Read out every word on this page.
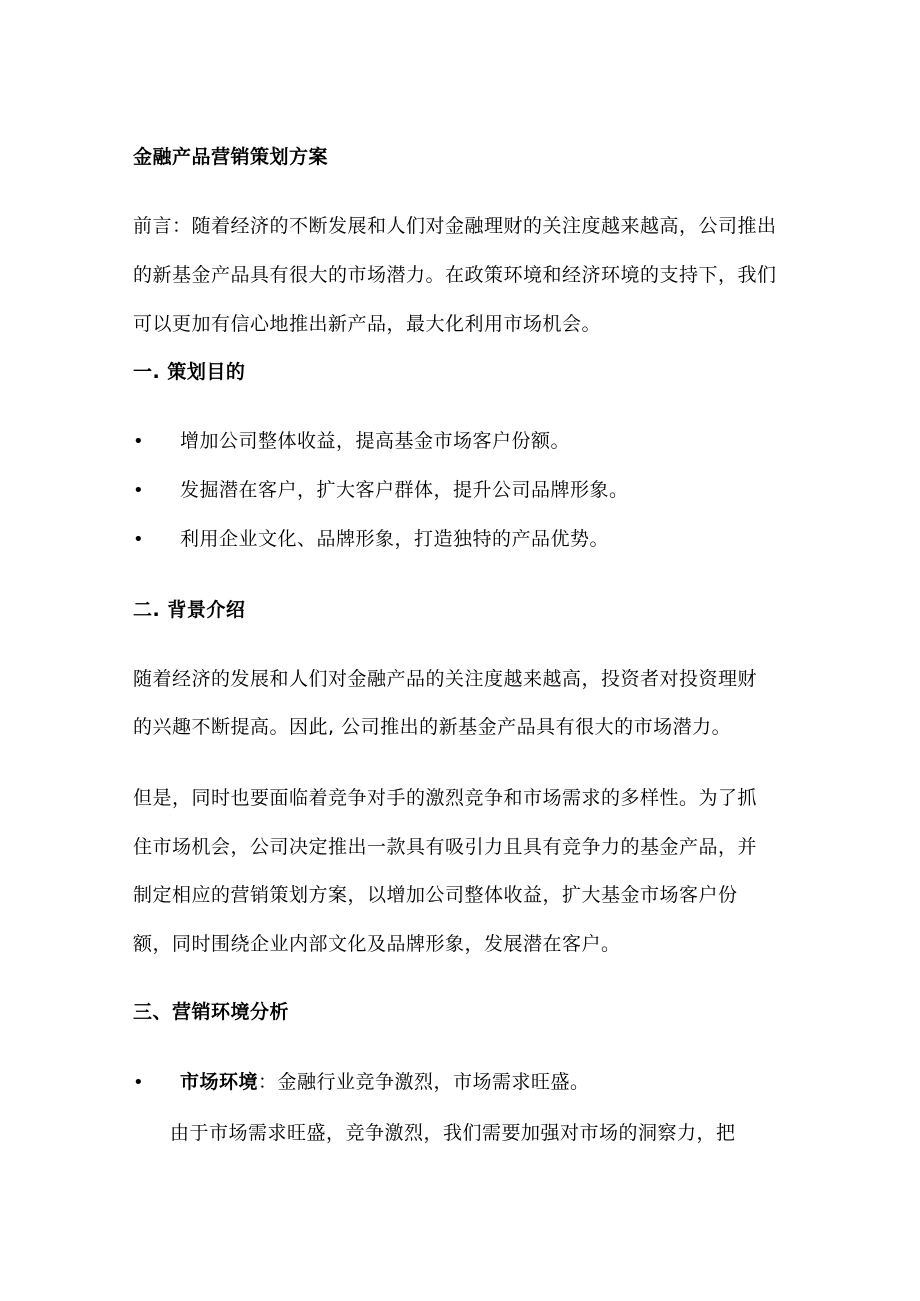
金融产品营销策划方案
前言：随着经济的不断发展和人们对金融理财的关注度越来越高，公司推出
的新基金产品具有很大的市场潜力。在政策环境和经济环境的支持下，我们
可以更加有信心地推出新产品，最大化利用市场机会。
一. 策划目的
• 增加公司整体收益，提高基金市场客户份额。
• 发掘潜在客户，扩大客户群体，提升公司品牌形象。
• 利用企业文化、品牌形象，打造独特的产品优势。
二. 背景介绍
随着经济的发展和人们对金融产品的关注度越来越高，投资者对投资理财
的兴趣不断提高。因此, 公司推出的新基金产品具有很大的市场潜力。
但是，同时也要面临着竞争对手的激烈竞争和市场需求的多样性。为了抓
住市场机会，公司决定推出一款具有吸引力且具有竞争力的基金产品，并
制定相应的营销策划方案，以增加公司整体收益，扩大基金市场客户份
额，同时围绕企业内部文化及品牌形象，发展潜在客户。
三、营销环境分析
• 市场环境：金融行业竞争激烈，市场需求旺盛。
由于市场需求旺盛，竞争激烈，我们需要加强对市场的洞察力，把
